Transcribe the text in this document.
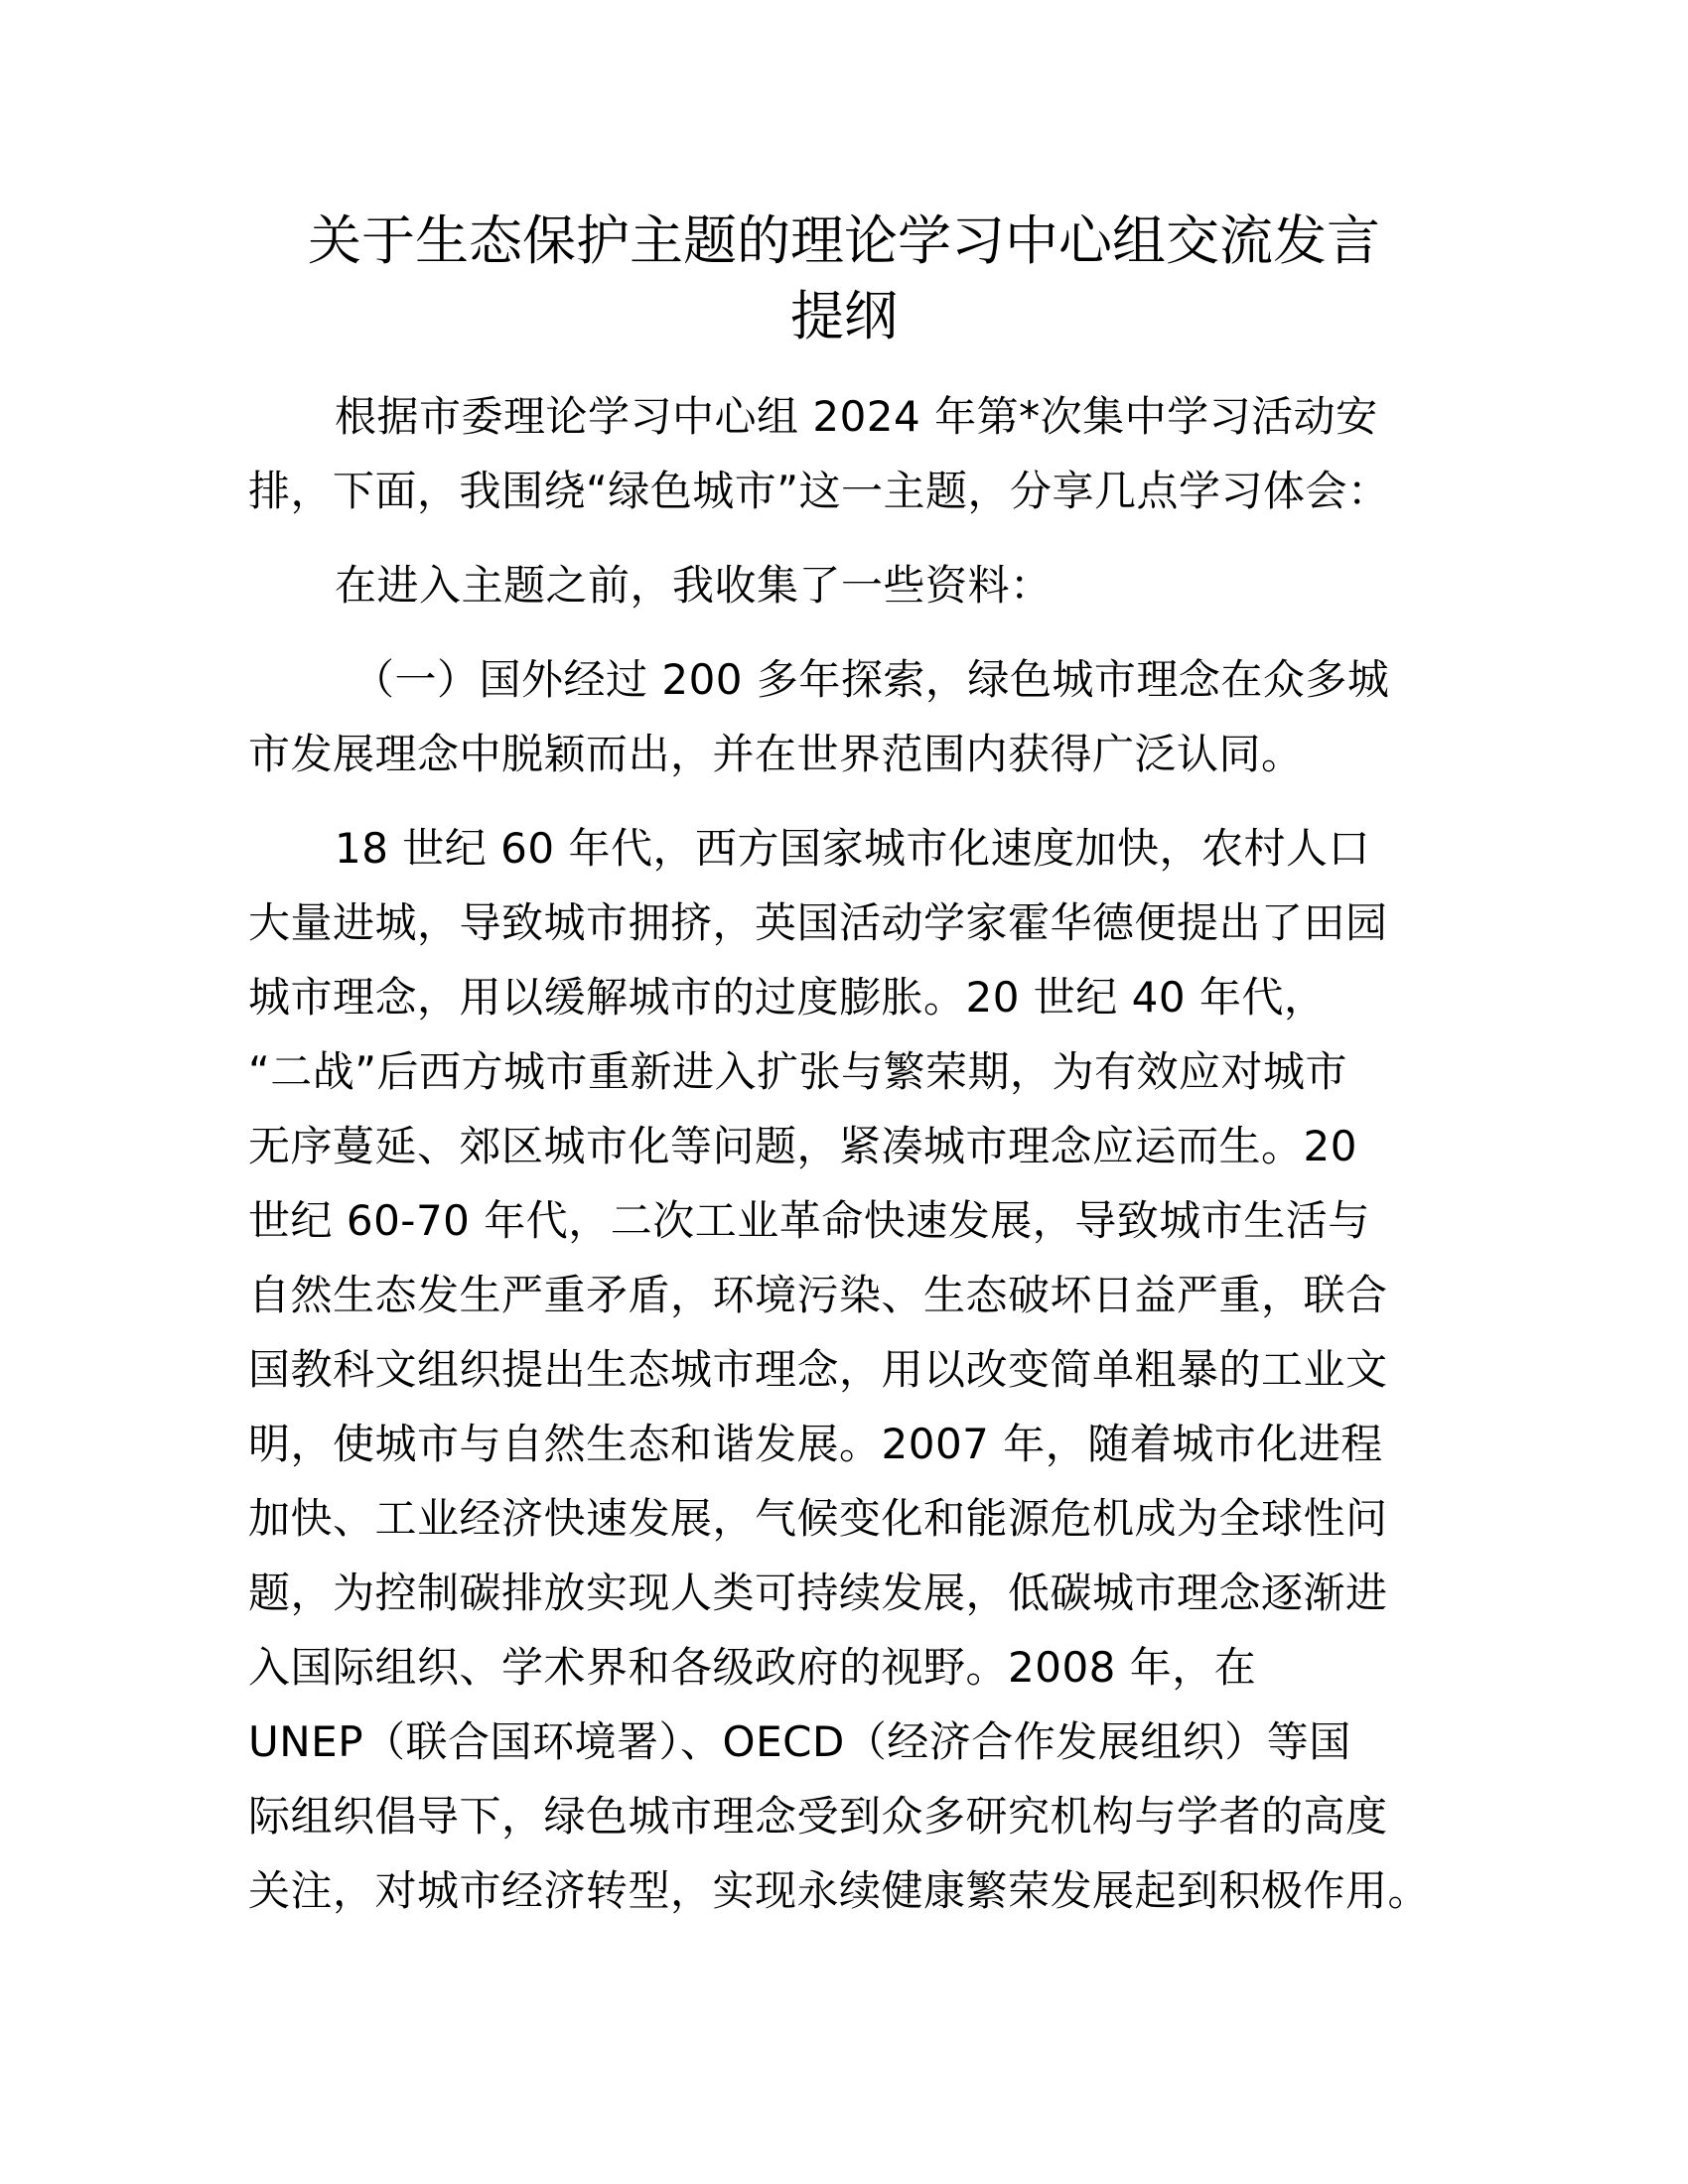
关于生态保护主题的理论学习中心组交流发言
提纲

根据市委理论学习中心组 2024 年第*次集中学习活动安

排，下面，我围绕“绿色城市”这一主题，分享几点学习体会：

在进入主题之前，我收集了一些资料：

（一）国外经过 200 多年探索，绿色城市理念在众多城

市发展理念中脱颖而出，并在世界范围内获得广泛认同。

18 世纪 60 年代，西方国家城市化速度加快，农村人口

大量进城，导致城市拥挤，英国活动学家霍华德便提出了田园

城市理念，用以缓解城市的过度膨胀。20 世纪 40 年代，

“二战”后西方城市重新进入扩张与繁荣期，为有效应对城市

无序蔓延、郊区城市化等问题，紧凑城市理念应运而生。20

世纪 60-70 年代，二次工业革命快速发展，导致城市生活与

自然生态发生严重矛盾，环境污染、生态破坏日益严重，联合

国教科文组织提出生态城市理念，用以改变简单粗暴的工业文

明，使城市与自然生态和谐发展。2007 年，随着城市化进程

加快、工业经济快速发展，气候变化和能源危机成为全球性问

题，为控制碳排放实现人类可持续发展，低碳城市理念逐渐进

入国际组织、学术界和各级政府的视野。2008 年，在

UNEP（联合国环境署）、OECD（经济合作发展组织）等国

际组织倡导下，绿色城市理念受到众多研究机构与学者的高度

关注，对城市经济转型，实现永续健康繁荣发展起到积极作用。
